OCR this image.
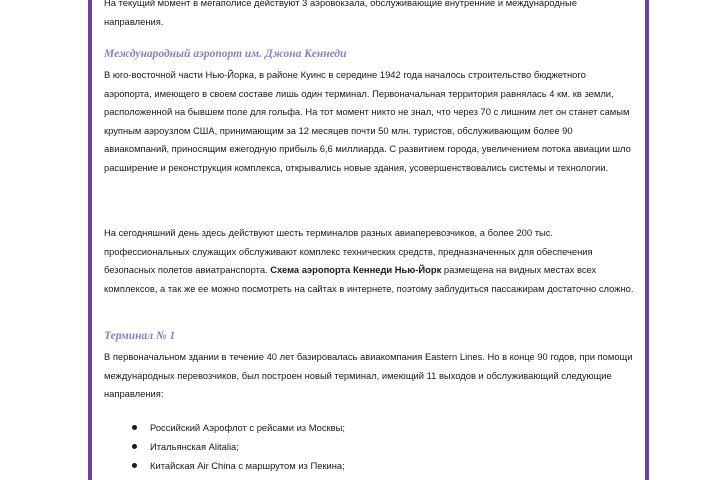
На текущий момент в мегаполисе действуют 3 аэровокзала, обслуживающие внутренние и международные направления.

Международный аэропорт им. Джона Кеннеди

В юго-восточной части Нью-Йорка, в районе Куинс в середине 1942 года началось строительство бюджетного аэропорта, имеющего в своем составе лишь один терминал. Первоначальная территория равнялась 4 км. кв земли, расположенной на бывшем поле для гольфа. На тот момент никто не знал, что через 70 с лишним лет он станет самым крупным аэроузлом США, принимающим за 12 месяцев почти 50 млн. туристов, обслуживающим более 90 авиакомпаний, приносящим ежегодную прибыль 6,6 миллиарда. С развитием города, увеличением потока авиации шло расширение и реконструкция комплекса, открывались новые здания, усовершенствовались системы и технологии.

На сегодняшний день здесь действуют шесть терминалов разных авиаперевозчиков, а более 200 тыс. профессиональных служащих обслуживают комплекс технических средств, предназначенных для обеспечения безопасных полетов авиатранспорта. Схема аэропорта Кеннеди Нью-Йорк размещена на видных местах всех комплексов, а так же ее можно посмотреть на сайтах в интернете, поэтому заблудиться пассажирам достаточно сложно.

Терминал № 1

В первоначальном здании в течение 40 лет базировалась авиакомпания Eastern Lines. Но в конце 90 годов, при помощи международных перевозчиков, был построен новый терминал, имеющий 11 выходов и обслуживающий следующие направления:

Российский Аэрофлот с рейсами из Москвы;
Итальянская Alitalia;
Китайская Air China с маршрутом из Пекина;
